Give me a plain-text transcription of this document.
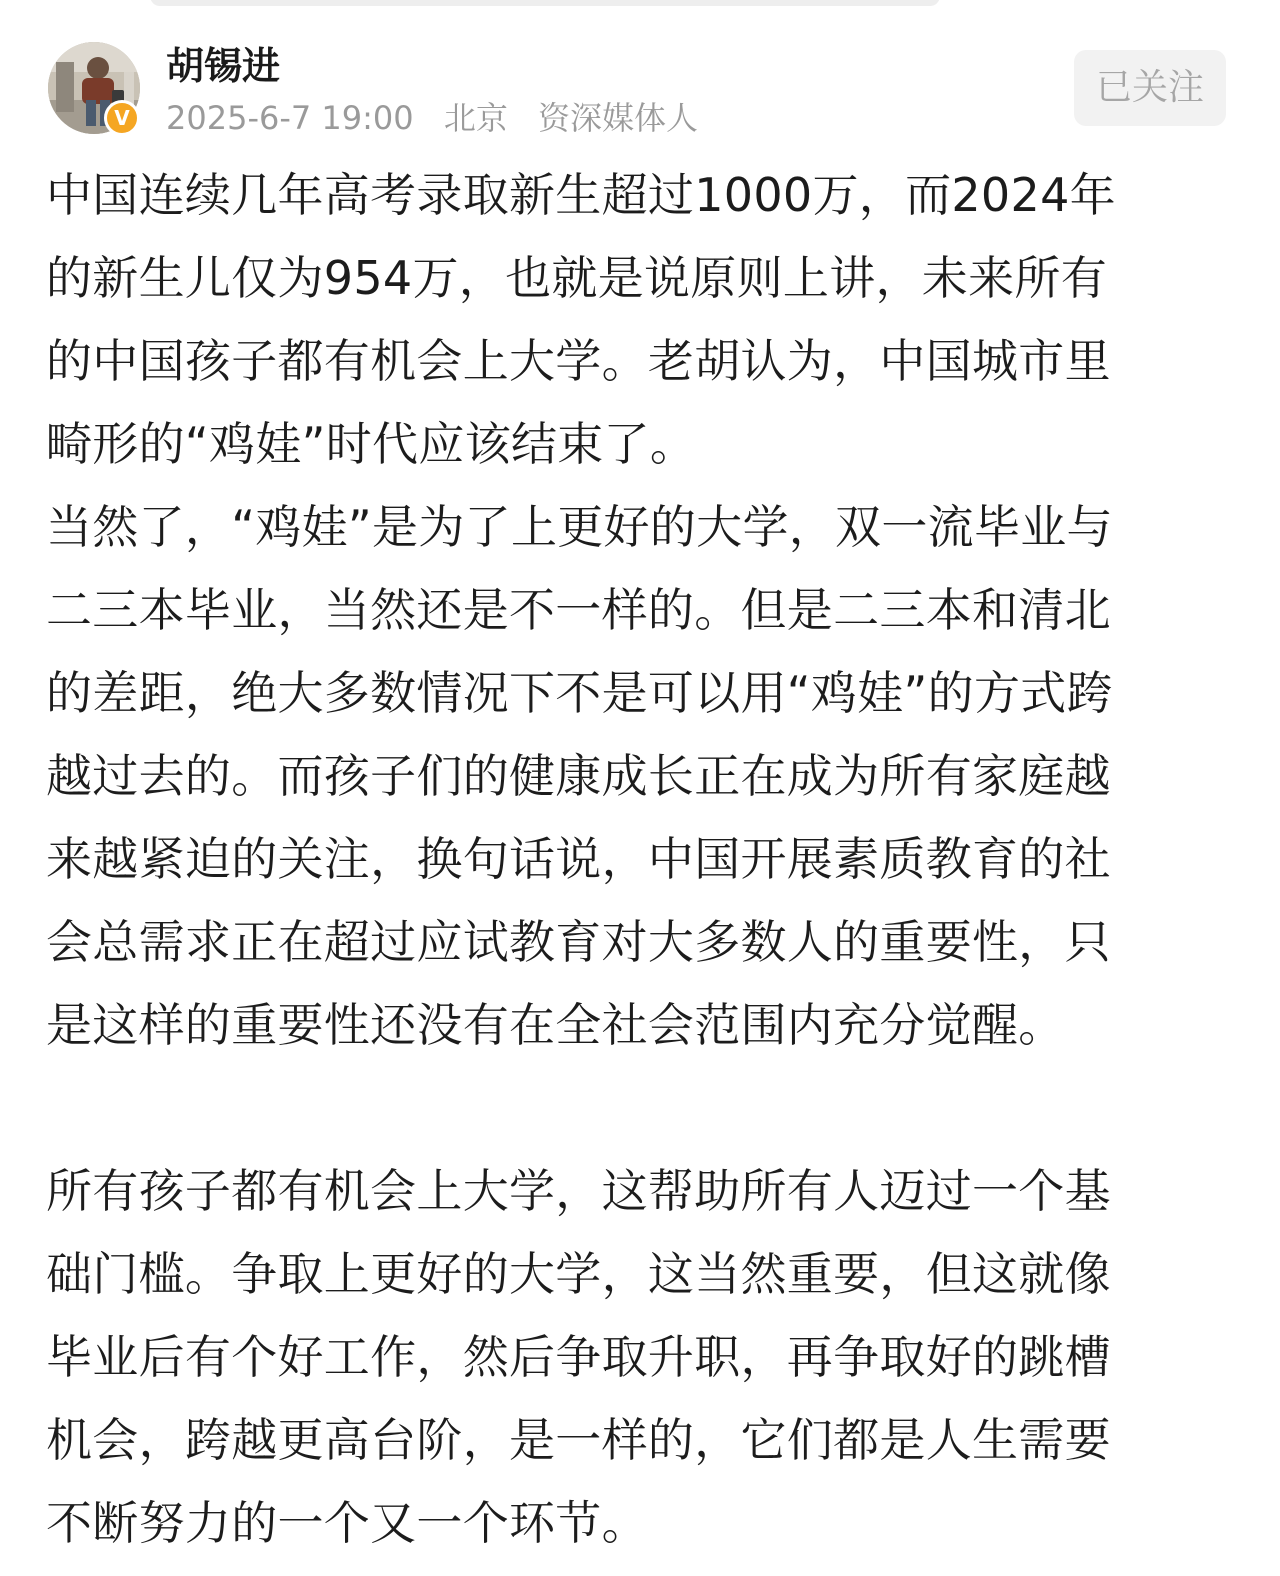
V
胡锡进
2025-6-7 19:00 北京 资深媒体人
已关注

中国连续几年高考录取新生超过1000万，而2024年
的新生儿仅为954万，也就是说原则上讲，未来所有
的中国孩子都有机会上大学。老胡认为，中国城市里
畸形的“鸡娃”时代应该结束了。

当然了，“鸡娃”是为了上更好的大学，双一流毕业与
二三本毕业，当然还是不一样的。但是二三本和清北
的差距，绝大多数情况下不是可以用“鸡娃”的方式跨
越过去的。而孩子们的健康成长正在成为所有家庭越
来越紧迫的关注，换句话说，中国开展素质教育的社
会总需求正在超过应试教育对大多数人的重要性，只
是这样的重要性还没有在全社会范围内充分觉醒。

所有孩子都有机会上大学，这帮助所有人迈过一个基
础门槛。争取上更好的大学，这当然重要，但这就像
毕业后有个好工作，然后争取升职，再争取好的跳槽
机会，跨越更高台阶，是一样的，它们都是人生需要
不断努力的一个又一个环节。
